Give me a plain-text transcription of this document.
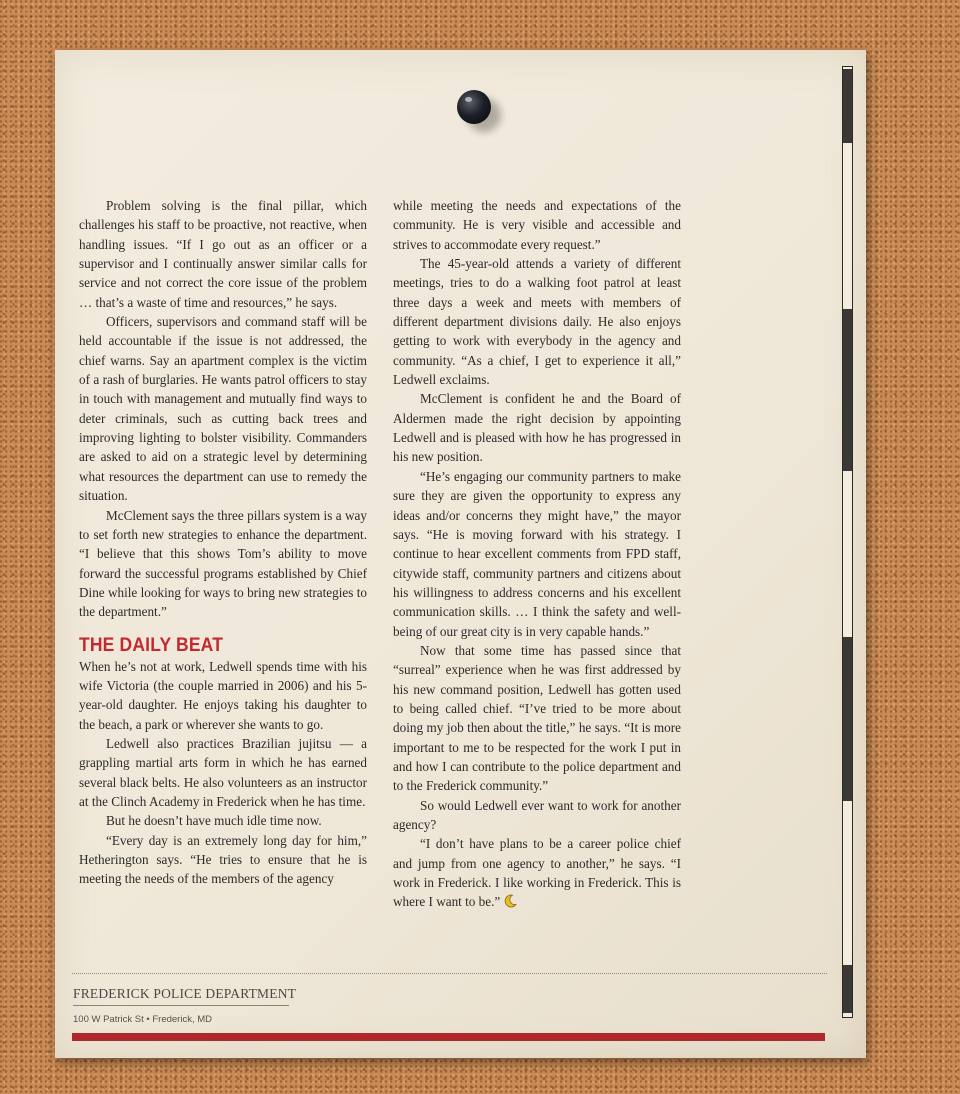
Problem solving is the final pillar, which challenges his staff to be proactive, not reactive, when handling issues. “If I go out as an officer or a supervisor and I continually answer similar calls for service and not correct the core issue of the problem … that’s a waste of time and resources,” he says.

Officers, supervisors and command staff will be held accountable if the issue is not addressed, the chief warns. Say an apartment complex is the victim of a rash of burglaries. He wants patrol officers to stay in touch with management and mutually find ways to deter criminals, such as cutting back trees and improving lighting to bolster visibility. Commanders are asked to aid on a strategic level by determining what resources the department can use to remedy the situation.

McClement says the three pillars system is a way to set forth new strategies to enhance the department. “I believe that this shows Tom’s ability to move forward the successful programs established by Chief Dine while looking for ways to bring new strategies to the department.”

THE DAILY BEAT

When he’s not at work, Ledwell spends time with his wife Victoria (the couple married in 2006) and his 5-year-old daughter. He enjoys taking his daughter to the beach, a park or wherever she wants to go.

Ledwell also practices Brazilian jujitsu — a grappling martial arts form in which he has earned several black belts. He also volunteers as an instructor at the Clinch Academy in Frederick when he has time.

But he doesn’t have much idle time now.

“Every day is an extremely long day for him,” Hetherington says. “He tries to ensure that he is meeting the needs of the members of the agency

while meeting the needs and expectations of the community. He is very visible and accessible and strives to accommodate every request.”

The 45-year-old attends a variety of different meetings, tries to do a walking foot patrol at least three days a week and meets with members of different department divisions daily. He also enjoys getting to work with everybody in the agency and community. “As a chief, I get to experience it all,” Ledwell exclaims.

McClement is confident he and the Board of Aldermen made the right decision by appointing Ledwell and is pleased with how he has progressed in his new position.

“He’s engaging our community partners to make sure they are given the opportunity to express any ideas and/or concerns they might have,” the mayor says. “He is moving forward with his strategy. I continue to hear excellent comments from FPD staff, citywide staff, community partners and citizens about his willingness to address concerns and his excellent communication skills. … I think the safety and well-being of our great city is in very capable hands.”

Now that some time has passed since that “surreal” experience when he was first addressed by his new command position, Ledwell has gotten used to being called chief. “I’ve tried to be more about doing my job then about the title,” he says. “It is more important to me to be respected for the work I put in and how I can contribute to the police department and to the Frederick community.”

So would Ledwell ever want to work for another agency?

“I don’t have plans to be a career police chief and jump from one agency to another,” he says. “I work in Frederick. I like working in Frederick. This is where I want to be.”

FREDERICK POLICE DEPARTMENT
100 W Patrick St • Frederick, MD
